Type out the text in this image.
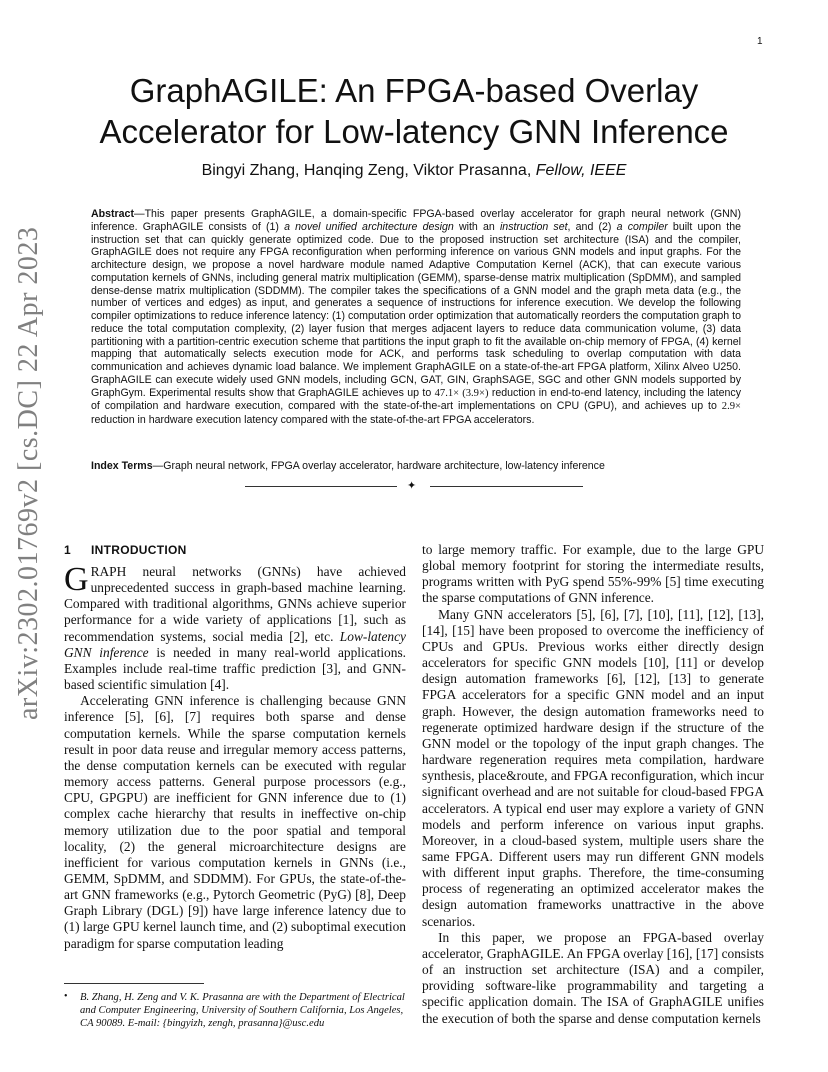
1
arXiv:2302.01769v2 [cs.DC] 22 Apr 2023
GraphAGILE: An FPGA-based Overlay
Accelerator for Low-latency GNN Inference
Bingyi Zhang, Hanqing Zeng, Viktor Prasanna, Fellow, IEEE

Abstract—This paper presents GraphAGILE, a domain-specific FPGA-based overlay accelerator for graph neural network (GNN) inference. GraphAGILE consists of (1) a novel unified architecture design with an instruction set, and (2) a compiler built upon the instruction set that can quickly generate optimized code. Due to the proposed instruction set architecture (ISA) and the compiler, GraphAGILE does not require any FPGA reconfiguration when performing inference on various GNN models and input graphs. For the architecture design, we propose a novel hardware module named Adaptive Computation Kernel (ACK), that can execute various computation kernels of GNNs, including general matrix multiplication (GEMM), sparse-dense matrix multiplication (SpDMM), and sampled dense-dense matrix multiplication (SDDMM). The compiler takes the specifications of a GNN model and the graph meta data (e.g., the number of vertices and edges) as input, and generates a sequence of instructions for inference execution. We develop the following compiler optimizations to reduce inference latency: (1) computation order optimization that automatically reorders the computation graph to reduce the total computation complexity, (2) layer fusion that merges adjacent layers to reduce data communication volume, (3) data partitioning with a partition-centric execution scheme that partitions the input graph to fit the available on-chip memory of FPGA, (4) kernel mapping that automatically selects execution mode for ACK, and performs task scheduling to overlap computation with data communication and achieves dynamic load balance. We implement GraphAGILE on a state-of-the-art FPGA platform, Xilinx Alveo U250. GraphAGILE can execute widely used GNN models, including GCN, GAT, GIN, GraphSAGE, SGC and other GNN models supported by GraphGym. Experimental results show that GraphAGILE achieves up to 47.1× (3.9×) reduction in end-to-end latency, including the latency of compilation and hardware execution, compared with the state-of-the-art implementations on CPU (GPU), and achieves up to 2.9× reduction in hardware execution latency compared with the state-of-the-art FPGA accelerators.

Index Terms—Graph neural network, FPGA overlay accelerator, hardware architecture, low-latency inference
✦
1 INTRODUCTION

GRAPH neural networks (GNNs) have achieved unprecedented success in graph-based machine learning. Compared with traditional algorithms, GNNs achieve superior performance for a wide variety of applications [1], such as recommendation systems, social media [2], etc. Low-latency GNN inference is needed in many real-world applications. Examples include real-time traffic prediction [3], and GNN-based scientific simulation [4].

Accelerating GNN inference is challenging because GNN inference [5], [6], [7] requires both sparse and dense computation kernels. While the sparse computation kernels result in poor data reuse and irregular memory access patterns, the dense computation kernels can be executed with regular memory access patterns. General purpose processors (e.g., CPU, GPGPU) are inefficient for GNN inference due to (1) complex cache hierarchy that results in ineffective on-chip memory utilization due to the poor spatial and temporal locality, (2) the general microarchitecture designs are inefficient for various computation kernels in GNNs (i.e., GEMM, SpDMM, and SDDMM). For GPUs, the state-of-the-art GNN frameworks (e.g., Pytorch Geometric (PyG) [8], Deep Graph Library (DGL) [9]) have large inference latency due to (1) large GPU kernel launch time, and (2) suboptimal execution paradigm for sparse computation leading

to large memory traffic. For example, due to the large GPU global memory footprint for storing the intermediate results, programs written with PyG spend 55%-99% [5] time executing the sparse computations of GNN inference.

Many GNN accelerators [5], [6], [7], [10], [11], [12], [13], [14], [15] have been proposed to overcome the inefficiency of CPUs and GPUs. Previous works either directly design accelerators for specific GNN models [10], [11] or develop design automation frameworks [6], [12], [13] to generate FPGA accelerators for a specific GNN model and an input graph. However, the design automation frameworks need to regenerate optimized hardware design if the structure of the GNN model or the topology of the input graph changes. The hardware regeneration requires meta compilation, hardware synthesis, place&route, and FPGA reconfiguration, which incur significant overhead and are not suitable for cloud-based FPGA accelerators. A typical end user may explore a variety of GNN models and perform inference on various input graphs. Moreover, in a cloud-based system, multiple users share the same FPGA. Different users may run different GNN models with different input graphs. Therefore, the time-consuming process of regenerating an optimized accelerator makes the design automation frameworks unattractive in the above scenarios.

In this paper, we propose an FPGA-based overlay accelerator, GraphAGILE. An FPGA overlay [16], [17] consists of an instruction set architecture (ISA) and a compiler, providing software-like programmability and targeting a specific application domain. The ISA of GraphAGILE unifies the execution of both the sparse and dense computation kernels

• B. Zhang, H. Zeng and V. K. Prasanna are with the Department of Electrical and Computer Engineering, University of Southern California, Los Angeles, CA 90089. E-mail: {bingyizh, zengh, prasanna}@usc.edu
